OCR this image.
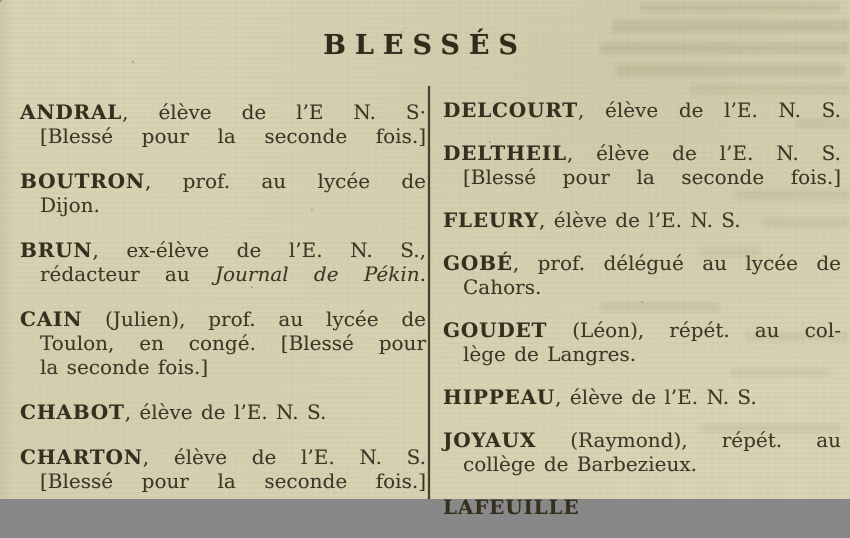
BLESSÉS

ANDRAL, élève de l’E N. S·
[Blessé pour la seconde fois.]

BOUTRON, prof. au lycée de
Dijon.

BRUN, ex-élève de l’E. N. S.,
rédacteur au Journal de Pékin.

CAIN (Julien), prof. au lycée de
Toulon, en congé. [Blessé pour
la seconde fois.]

CHABOT, élève de l’E. N. S.

CHARTON, élève de l’E. N. S.
[Blessé pour la seconde fois.]

DELCOURT, élève de l’E. N. S.

DELTHEIL, élève de l’E. N. S.
[Blessé pour la seconde fois.]

FLEURY, élève de l’E. N. S.

GOBÉ, prof. délégué au lycée de
Cahors.

GOUDET (Léon), répét. au col-
lège de Langres.

HIPPEAU, élève de l’E. N. S.

JOYAUX (Raymond), répét. au
collège de Barbezieux.

LAFEUILLE
